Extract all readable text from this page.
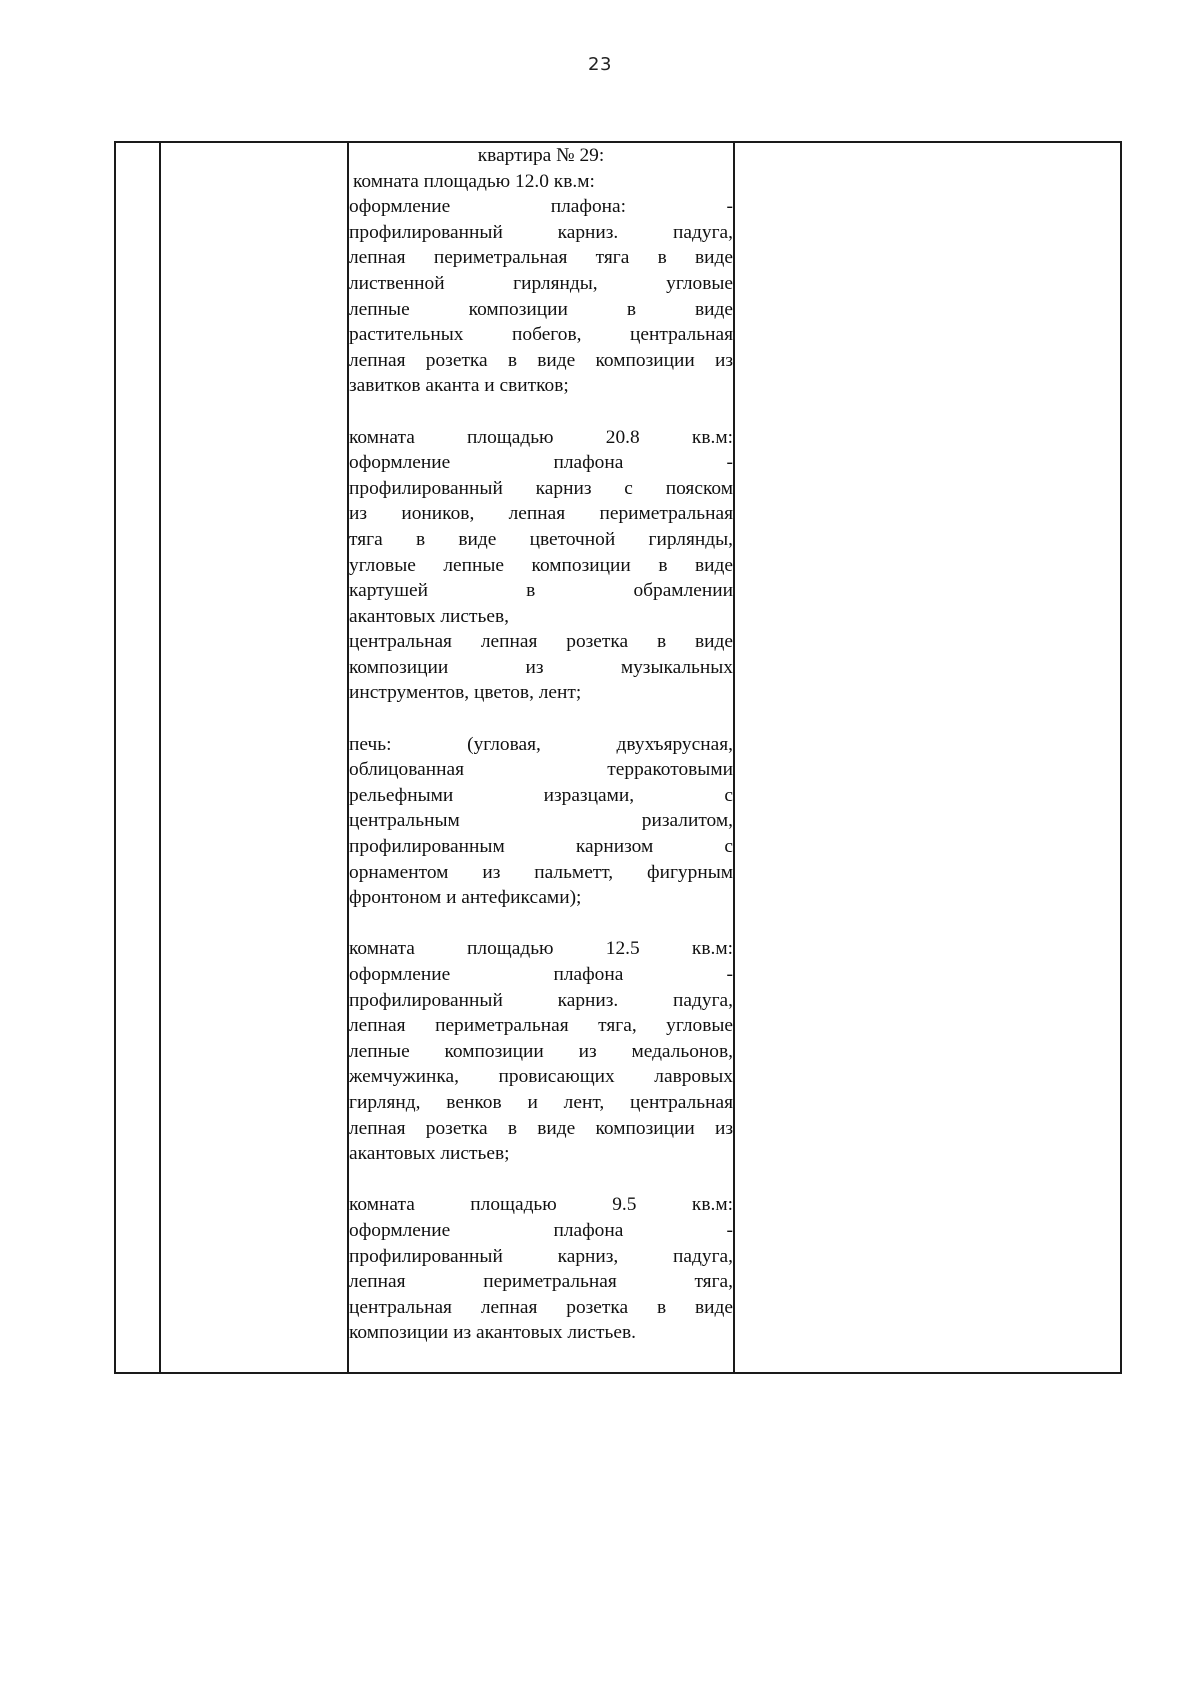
23

квартира № 29:

комната площадью 12.0 кв.м:

оформление плафона: -

профилированный карниз. падуга,

лепная периметральная тяга в виде

лиственной гирлянды, угловые

лепные композиции в виде

растительных побегов, центральная

лепная розетка в виде композиции из

завитков аканта и свитков;

комната площадью 20.8 кв.м:

оформление плафона -

профилированный карниз с пояском

из иоников, лепная периметральная

тяга в виде цветочной гирлянды,

угловые лепные композиции в виде

картушей в обрамлении

акантовых листьев,

центральная лепная розетка в виде

композиции из музыкальных

инструментов, цветов, лент;

печь: (угловая, двухъярусная,

облицованная терракотовыми

рельефными изразцами, с

центральным ризалитом,

профилированным карнизом с

орнаментом из пальметт, фигурным

фронтоном и антефиксами);

комната площадью 12.5 кв.м:

оформление плафона -

профилированный карниз. падуга,

лепная периметральная тяга, угловые

лепные композиции из медальонов,

жемчужинка, провисающих лавровых

гирлянд, венков и лент, центральная

лепная розетка в виде композиции из

акантовых листьев;

комната площадью 9.5 кв.м:

оформление плафона -

профилированный карниз, падуга,

лепная периметральная тяга,

центральная лепная розетка в виде

композиции из акантовых листьев.
